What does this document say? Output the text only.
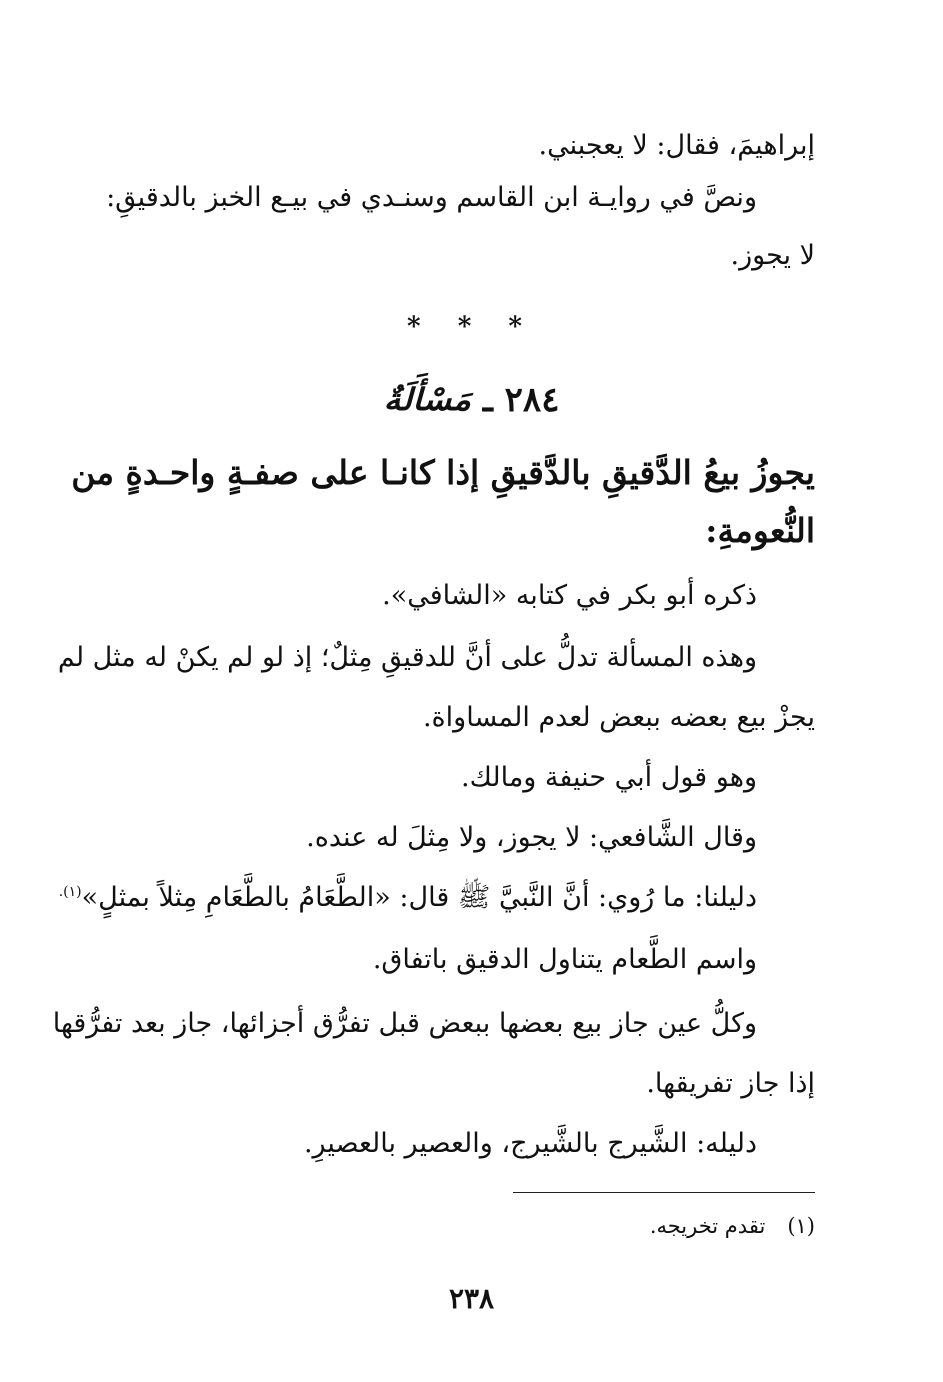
إبراهيمَ، فقال: لا يعجبني.
ونصَّ في روايـة ابن القاسم وسنـدي في بيـع الخبز بالدقيقِ:
لا يجوز.
* * *
٢٨٤ ـ مَسْأَلَةٌ
يجوزُ بيعُ الدَّقيقِ بالدَّقيقِ إذا كانـا على صفـةٍ واحـدةٍ من
النُّعومةِ:
ذكره أبو بكر في كتابه «الشافي».
وهذه المسألة تدلُّ على أنَّ للدقيقِ مِثلٌ؛ إذ لو لم يكنْ له مثل لم
يجزْ بيع بعضه ببعض لعدم المساواة.
وهو قول أبي حنيفة ومالك.
وقال الشَّافعي: لا يجوز، ولا مِثلَ له عنده.
دليلنا: ما رُوي: أنَّ النَّبيَّ ﷺ قال: «الطَّعَامُ بالطَّعَامِ مِثلاً بمثلٍ»$^{(١).}$
واسم الطَّعام يتناول الدقيق باتفاق.
وكلُّ عين جاز بيع بعضها ببعض قبل تفرُّق أجزائها، جاز بعد تفرُّقها
إذا جاز تفريقها.
دليله: الشَّيرج بالشَّيرج، والعصير بالعصيرِ.
(١)تقدم تخريجه.
٢٣٨
